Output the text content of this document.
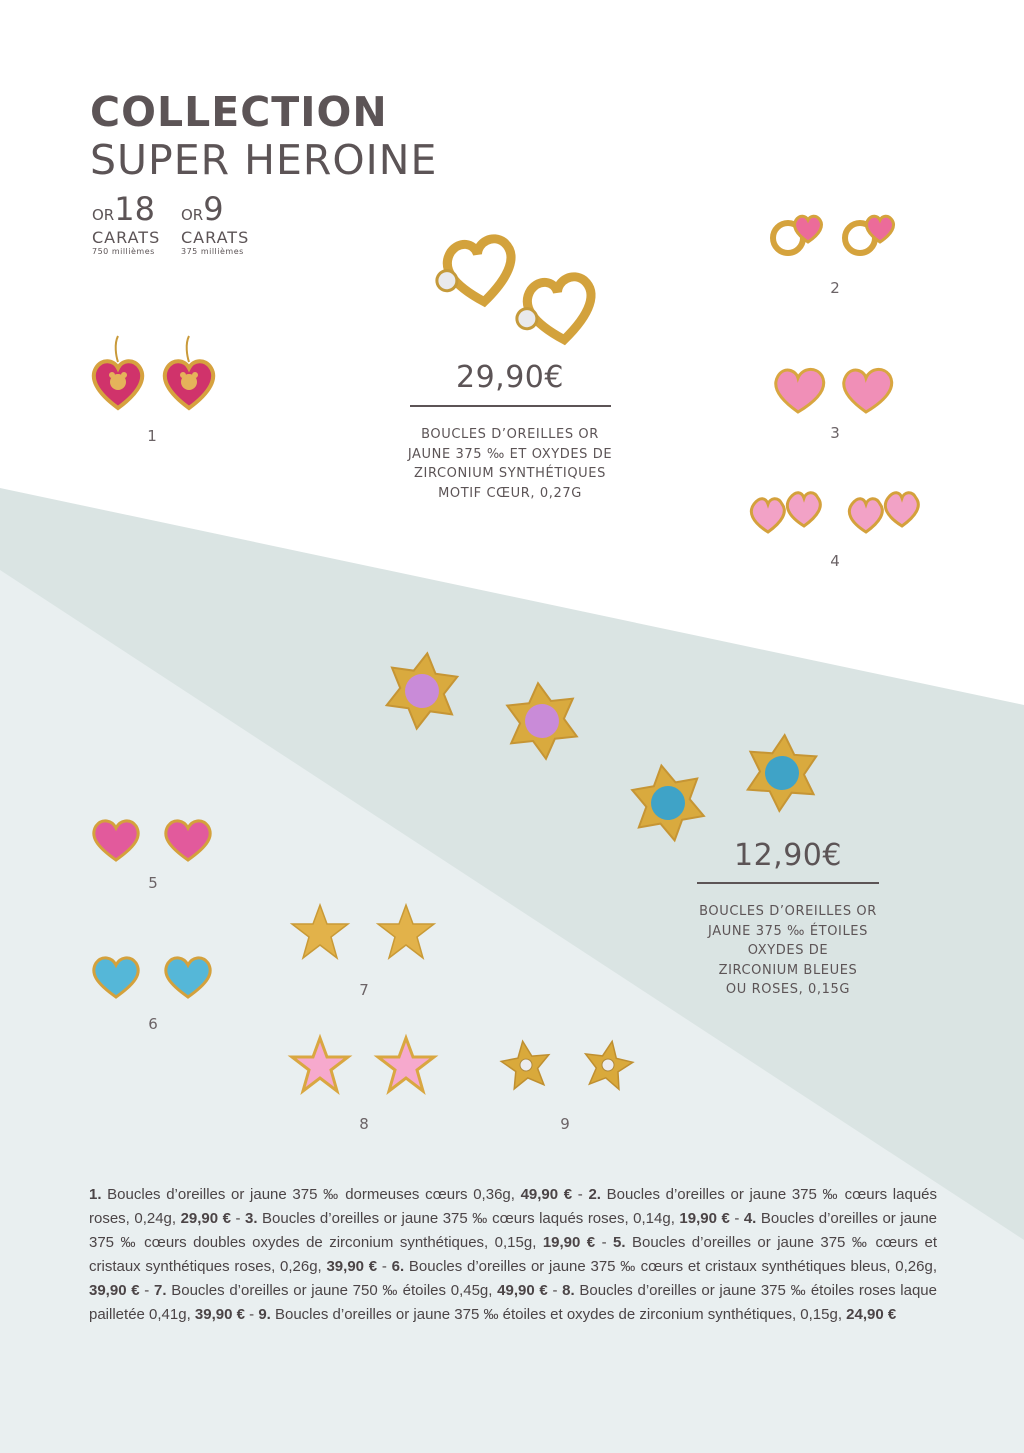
COLLECTION
SUPER HEROINE
OR18
CARATS
750 millièmes
OR9
CARATS
375 millièmes
29,90€
BOUCLES D’OREILLES OR
JAUNE 375 ‰ ET OXYDES DE
ZIRCONIUM SYNTHÉTIQUES
MOTIF CŒUR, 0,27G
1
2
3
4
12,90€
BOUCLES D’OREILLES OR
JAUNE 375 ‰ ÉTOILES
OXYDES DE
ZIRCONIUM BLEUES
OU ROSES, 0,15G
5
6
7
8	9
1. Boucles d’oreilles or jaune 375 ‰ dormeuses cœurs 0,36g, 49,90 € - 2. Boucles d’oreilles or jaune 375 ‰ cœurs laqués roses, 0,24g, 29,90 € - 3. Boucles d’oreilles or jaune 375 ‰ cœurs laqués roses, 0,14g, 19,90 € - 4. Boucles d’oreilles or jaune 375 ‰ cœurs doubles oxydes de zirconium synthétiques, 0,15g, 19,90 € - 5. Boucles d’oreilles or jaune 375 ‰ cœurs et cristaux synthétiques roses, 0,26g, 39,90 € - 6. Boucles d’oreilles or jaune 375 ‰ cœurs et cristaux synthétiques bleus, 0,26g, 39,90 € - 7. Boucles d’oreilles or jaune 750 ‰ étoiles 0,45g, 49,90 € - 8. Boucles d’oreilles or jaune 375 ‰ étoiles roses laque pailletée 0,41g, 39,90 € - 9. Boucles d’oreilles or jaune 375 ‰ étoiles et oxydes de zirconium synthétiques, 0,15g, 24,90 €
